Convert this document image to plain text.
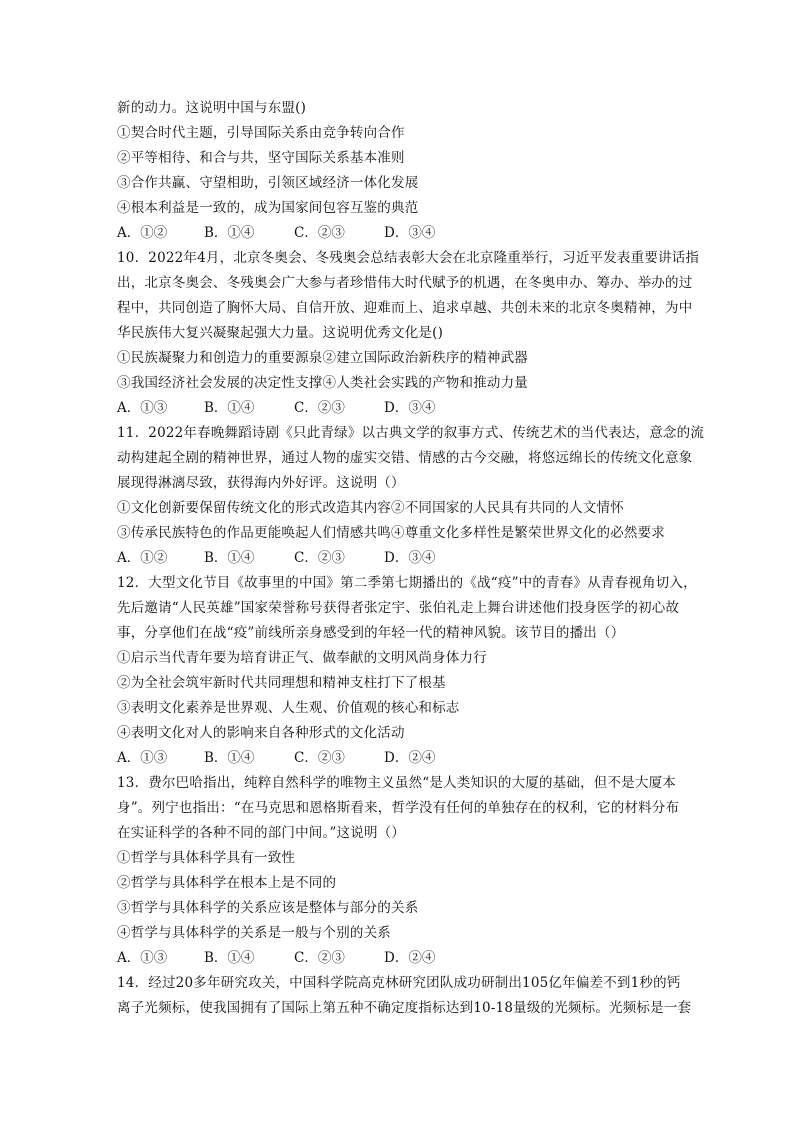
新的动力。这说明中国与东盟()
①契合时代主题，引导国际关系由竞争转向合作
②平等相待、和合与共，坚守国际关系基本准则
③合作共赢、守望相助，引领区域经济一体化发展
④根本利益是一致的，成为国家间包容互鉴的典范
A．①②	B．①④	C．②③	D．③④
10．2022年4月，北京冬奥会、冬残奥会总结表彰大会在北京隆重举行，习近平发表重要讲话指
出，北京冬奥会、冬残奥会广大参与者珍惜伟大时代赋予的机遇，在冬奥申办、筹办、举办的过
程中，共同创造了胸怀大局、自信开放、迎难而上、追求卓越、共创未来的北京冬奥精神，为中
华民族伟大复兴凝聚起强大力量。这说明优秀文化是()
①民族凝聚力和创造力的重要源泉②建立国际政治新秩序的精神武器
③我国经济社会发展的决定性支撑④人类社会实践的产物和推动力量
A．①③	B．①④	C．②③	D．③④
11．2022年春晚舞蹈诗剧《只此青绿》以古典文学的叙事方式、传统艺术的当代表达，意念的流
动构建起全剧的精神世界，通过人物的虚实交错、情感的古今交融，将悠远绵长的传统文化意象
展现得淋漓尽致，获得海内外好评。这说明（）
①文化创新要保留传统文化的形式改造其内容②不同国家的人民具有共同的人文情怀
③传承民族特色的作品更能唤起人们情感共鸣④尊重文化多样性是繁荣世界文化的必然要求
A．①②	B．①④	C．②③	D．③④
12．大型文化节目《故事里的中国》第二季第七期播出的《战“疫”中的青春》从青春视角切入，
先后邀请“人民英雄”国家荣誉称号获得者张定宇、张伯礼走上舞台讲述他们投身医学的初心故
事，分享他们在战“疫”前线所亲身感受到的年轻一代的精神风貌。该节目的播出（）
①启示当代青年要为培育讲正气、做奉献的文明风尚身体力行
②为全社会筑牢新时代共同理想和精神支柱打下了根基
③表明文化素养是世界观、人生观、价值观的核心和标志
④表明文化对人的影响来自各种形式的文化活动
A．①③	B．①④	C．②③	D．②④
13．费尔巴哈指出，纯粹自然科学的唯物主义虽然“是人类知识的大厦的基础，但不是大厦本
身”。列宁也指出：“在马克思和恩格斯看来，哲学没有任何的单独存在的权利，它的材料分布
在实证科学的各种不同的部门中间。”这说明（）
①哲学与具体科学具有一致性
②哲学与具体科学在根本上是不同的
③哲学与具体科学的关系应该是整体与部分的关系
④哲学与具体科学的关系是一般与个别的关系
A．①③	B．①④	C．②③	D．②④
14．经过20多年研究攻关，中国科学院高克林研究团队成功研制出105亿年偏差不到1秒的钙
离子光频标，使我国拥有了国际上第五种不确定度指标达到10-18量级的光频标。光频标是一套
